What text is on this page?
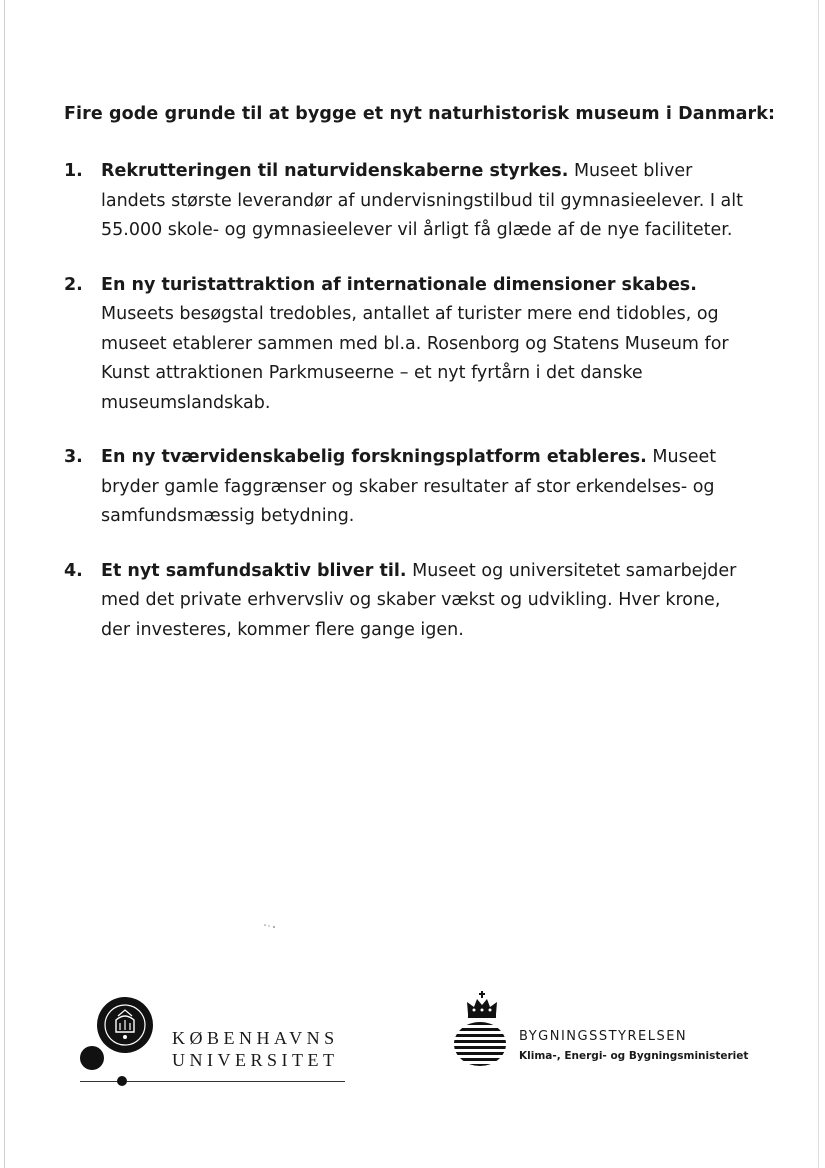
Fire gode grunde til at bygge et nyt naturhistorisk museum i Danmark:
1.	Rekrutteringen til naturvidenskaberne styrkes. Museet bliver landets største leverandør af undervisningstilbud til gymnasieelever. I alt 55.000 skole- og gymnasieelever vil årligt få glæde af de nye faciliteter.
2.	En ny turistattraktion af internationale dimensioner skabes. Museets besøgstal tredobles, antallet af turister mere end tidobles, og museet etablerer sammen med bl.a. Rosenborg og Statens Museum for Kunst attraktionen Parkmuseerne – et nyt fyrtårn i det danske museumslandskab.
3.	En ny tværvidenskabelig forskningsplatform etableres. Museet bryder gamle faggrænser og skaber resultater af stor erkendelses- og samfundsmæssig betydning.
4.	Et nyt samfundsaktiv bliver til. Museet og universitetet samarbejder med det private erhvervsliv og skaber vækst og udvikling. Hver krone, der investeres, kommer flere gange igen.
KØBENHAVNS
UNIVERSITET
BYGNINGSSTYRELSEN
Klima-, Energi- og Bygningsministeriet
